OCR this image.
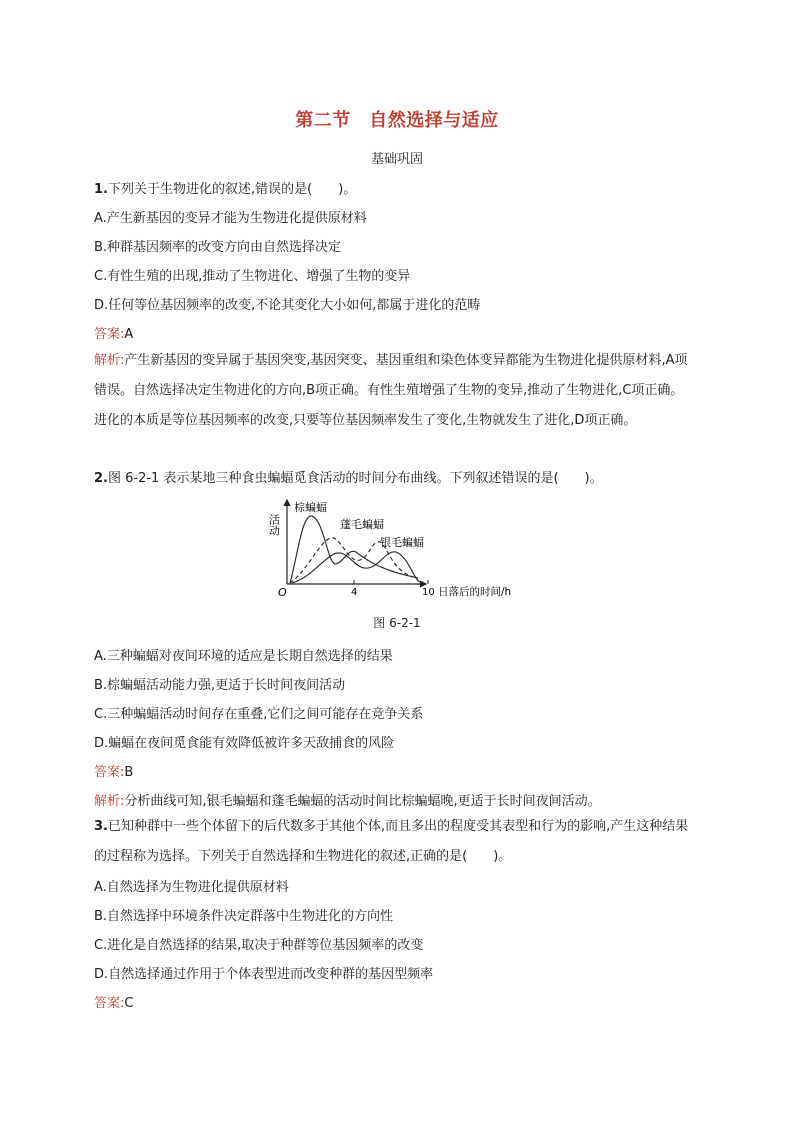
第二节　自然选择与适应
基础巩固
1.下列关于生物进化的叙述,错误的是(　　)。
A.产生新基因的变异才能为生物进化提供原材料
B.种群基因频率的改变方向由自然选择决定
C.有性生殖的出现,推动了生物进化、增强了生物的变异
D.任何等位基因频率的改变,不论其变化大小如何,都属于进化的范畴
答案:A
解析:产生新基因的变异属于基因突变,基因突变、基因重组和染色体变异都能为生物进化提供原材料,A项错误。自然选择决定生物进化的方向,B项正确。有性生殖增强了生物的变异,推动了生物进化,C项正确。进化的本质是等位基因频率的改变,只要等位基因频率发生了变化,生物就发生了进化,D项正确。
2.图 6-2-1 表示某地三种食虫蝙蝠觅食活动的时间分布曲线。下列叙述错误的是(　　)。
活动
O	4	10 日落后的时间/h
棕蝙蝠
蓬毛蝙蝠
银毛蝙蝠
图 6-2-1
A.三种蝙蝠对夜间环境的适应是长期自然选择的结果
B.棕蝙蝠活动能力强,更适于长时间夜间活动
C.三种蝙蝠活动时间存在重叠,它们之间可能存在竞争关系
D.蝙蝠在夜间觅食能有效降低被许多天敌捕食的风险
答案:B
解析:分析曲线可知,银毛蝙蝠和蓬毛蝙蝠的活动时间比棕蝙蝠晚,更适于长时间夜间活动。
3.已知种群中一些个体留下的后代数多于其他个体,而且多出的程度受其表型和行为的影响,产生这种结果的过程称为选择。下列关于自然选择和生物进化的叙述,正确的是(　　)。
A.自然选择为生物进化提供原材料
B.自然选择中环境条件决定群落中生物进化的方向性
C.进化是自然选择的结果,取决于种群等位基因频率的改变
D.自然选择通过作用于个体表型进而改变种群的基因型频率
答案:C
